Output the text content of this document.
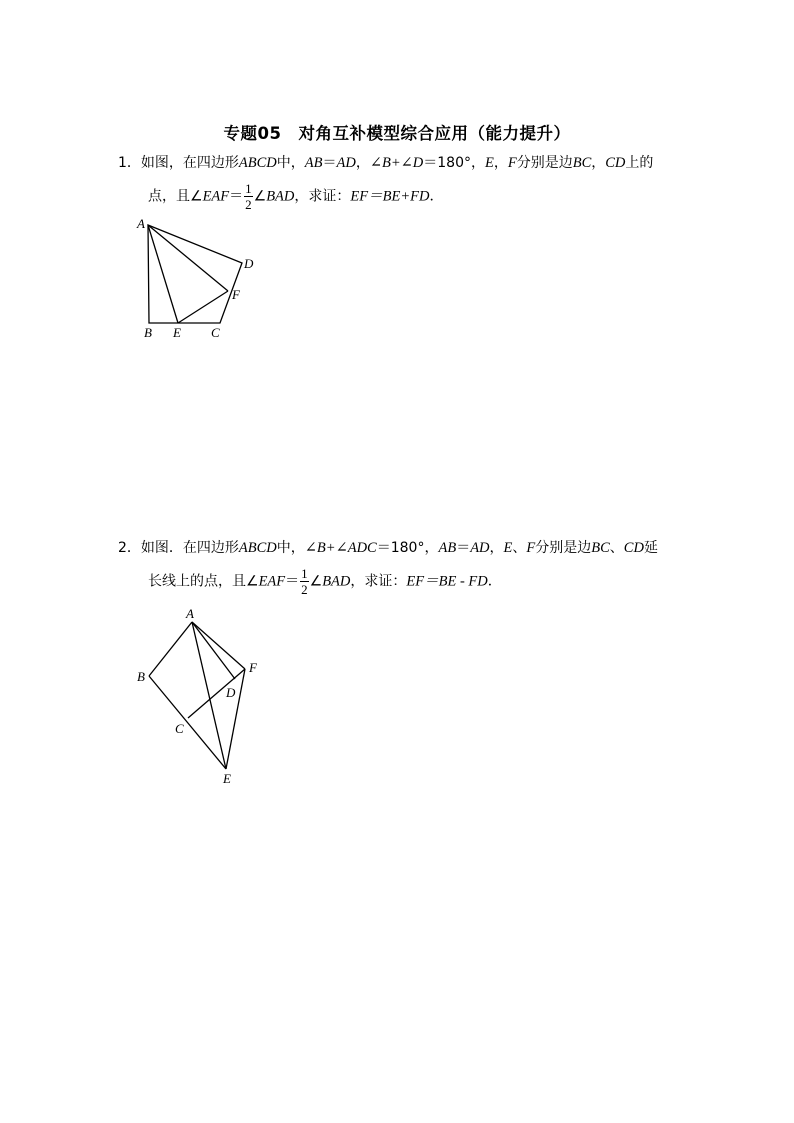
专题05　对角互补模型综合应用（能力提升）
1．如图，在四边形ABCD中，AB＝AD，∠B+∠D＝180°，E，F分别是边BC，CD上的
点，且∠EAF＝ $\frac{1}{2}$ ∠BAD，求证：EF＝BE+FD．
A
D
F
B E C
2．如图．在四边形ABCD中，∠B+∠ADC＝180°，AB＝AD，E、F分别是边BC、CD延
长线上的点，且∠EAF＝ $\frac{1}{2}$ ∠BAD，求证：EF＝BE - FD．
A
B
F
D
C
E
